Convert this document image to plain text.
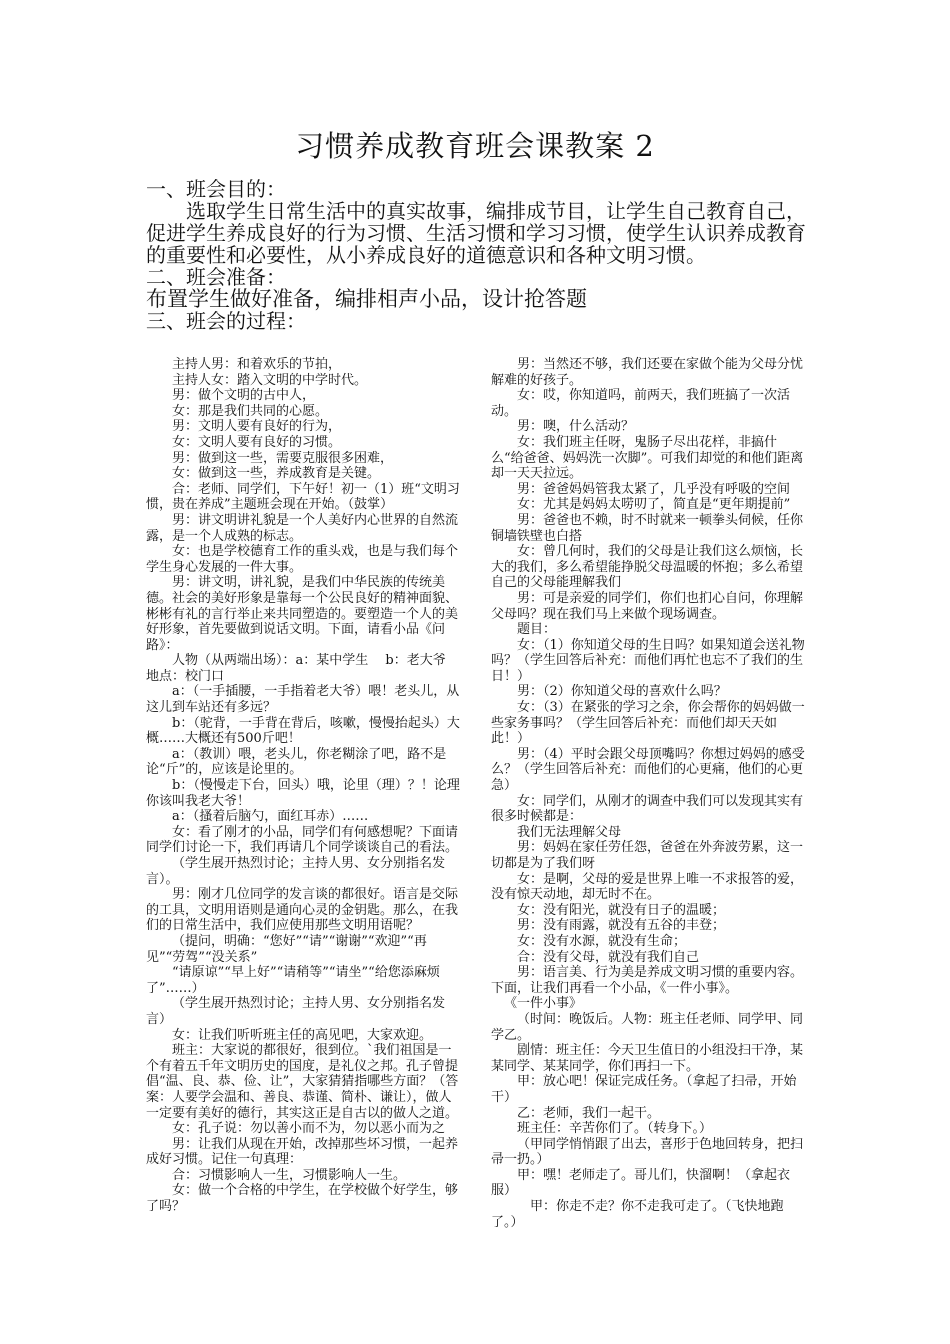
习惯养成教育班会课教案 2

一、班会目的：

选取学生日常生活中的真实故事，编排成节目，让学生自己教育自己，促进学生养成良好的行为习惯、生活习惯和学习习惯，使学生认识养成教育的重要性和必要性，从小养成良好的道德意识和各种文明习惯。

二、班会准备：

布置学生做好准备，编排相声小品，设计抢答题

三、班会的过程：

主持人男：和着欢乐的节拍，

主持人女：踏入文明的中学时代。

男：做个文明的古中人，

女：那是我们共同的心愿。

男：文明人要有良好的行为，

女：文明人要有良好的习惯。

男：做到这一些，需要克服很多困难，

女：做到这一些，养成教育是关键。

合：老师、同学们，下午好！初一（1）班“文明习惯，贵在养成”主题班会现在开始。（鼓掌）

男：讲文明讲礼貌是一个人美好内心世界的自然流露，是一个人成熟的标志。

女：也是学校德育工作的重头戏，也是与我们每个学生身心发展的一件大事。

男：讲文明，讲礼貌，是我们中华民族的传统美德。社会的美好形象是靠每一个公民良好的精神面貌、彬彬有礼的言行举止来共同塑造的。要塑造一个人的美好形象，首先要做到说话文明。下面，请看小品《问路》：

人物（从两端出场）：a：某中学生　 b：老大爷　　　　地点：校门口

a：（一手插腰，一手指着老大爷）喂！老头儿，从这儿到车站还有多远？

b：（驼背，一手背在背后，咳嗽，慢慢抬起头）大概……大概还有500斤吧！

a：（教训）喂，老头儿，你老糊涂了吧，路不是论“斤”的，应该是论里的。

b：（慢慢走下台，回头）哦，论里（理）？！论理你该叫我老大爷！

a：（搔着后脑勺，面红耳赤）……

女：看了刚才的小品，同学们有何感想呢？下面请同学们讨论一下，我们再请几个同学谈谈自己的看法。

（学生展开热烈讨论；主持人男、女分别指名发言）。

男：刚才几位同学的发言谈的都很好。语言是交际的工具，文明用语则是通向心灵的金钥匙。那么，在我们的日常生活中，我们应使用那些文明用语呢？

（提问，明确：“您好”“请”“谢谢”“欢迎”“再见”“劳驾”“没关系”

“请原谅”“早上好”“请稍等”“请坐”“给您添麻烦了”……）

（学生展开热烈讨论；主持人男、女分别指名发言）

女：让我们听听班主任的高见吧，大家欢迎。

班主：大家说的都很好，很到位。`我们祖国是一个有着五千年文明历史的国度，是礼仪之邦。孔子曾提倡“温、良、恭、俭、让”，大家猜猜指哪些方面？（答案：人要学会温和、善良、恭谨、简朴、谦让），做人一定要有美好的德行，其实这正是自古以的做人之道。

女：孔子说：勿以善小而不为，勿以恶小而为之

男：让我们从现在开始，改掉那些坏习惯，一起养成好习惯。记住一句真理：

合：习惯影响人一生，习惯影响人一生。

女：做一个合格的中学生，在学校做个好学生，够了吗？

男：当然还不够，我们还要在家做个能为父母分忧解难的好孩子。

女：哎，你知道吗，前两天，我们班搞了一次活动。

男：噢，什么活动？

女：我们班主任呀，鬼肠子尽出花样，非搞什么“给爸爸、妈妈洗一次脚”。可我们却觉的和他们距离却一天天拉远。

男：爸爸妈妈管我太紧了，几乎没有呼吸的空间

女：尤其是妈妈太唠叨了，简直是“更年期提前”

男：爸爸也不赖，时不时就来一顿拳头伺候，任你铜墙铁壁也白搭

女：曾几何时，我们的父母是让我们这么烦恼，长大的我们，多么希望能挣脱父母温暖的怀抱；多么希望自己的父母能理解我们

男：可是亲爱的同学们，你们也扪心自问，你理解父母吗？现在我们马上来做个现场调查。

题目：

女：（1）你知道父母的生日吗？如果知道会送礼物吗？（学生回答后补充：而他们再忙也忘不了我们的生日！）

男：（2）你知道父母的喜欢什么吗？

女：（3）在紧张的学习之余，你会帮你的妈妈做一些家务事吗？（学生回答后补充：而他们却天天如此！）

男：（4）平时会跟父母顶嘴吗？你想过妈妈的感受么？（学生回答后补充：而他们的心更痛，他们的心更急）

女：同学们，从刚才的调查中我们可以发现其实有很多时候都是：

我们无法理解父母

男：妈妈在家任劳任怨，爸爸在外奔波劳累，这一切都是为了我们呀

女：是啊，父母的爱是世界上唯一不求报答的爱，没有惊天动地，却无时不在。

女：没有阳光，就没有日子的温暖；

男：没有雨露，就没有五谷的丰登；

女：没有水源，就没有生命；

合：没有父母，就没有我们自己

男：语言美、行为美是养成文明习惯的重要内容。下面，让我们再看一个小品，《一件小事》。

《一件小事》

（时间：晚饭后。人物：班主任老师、同学甲、同学乙。

剧情：班主任：今天卫生值日的小组没扫干净，某某同学、某某同学，你们再扫一下。

甲：放心吧！保证完成任务。（拿起了扫帚，开始干）

乙：老师，我们一起干。

班主任：辛苦你们了。（转身下。）

（甲同学悄悄跟了出去，喜形于色地回转身，把扫帚一扔。）

甲：嘿！老师走了。哥儿们，快溜啊！（拿起衣服）

甲：你走不走？你不走我可走了。（飞快地跑了。）
